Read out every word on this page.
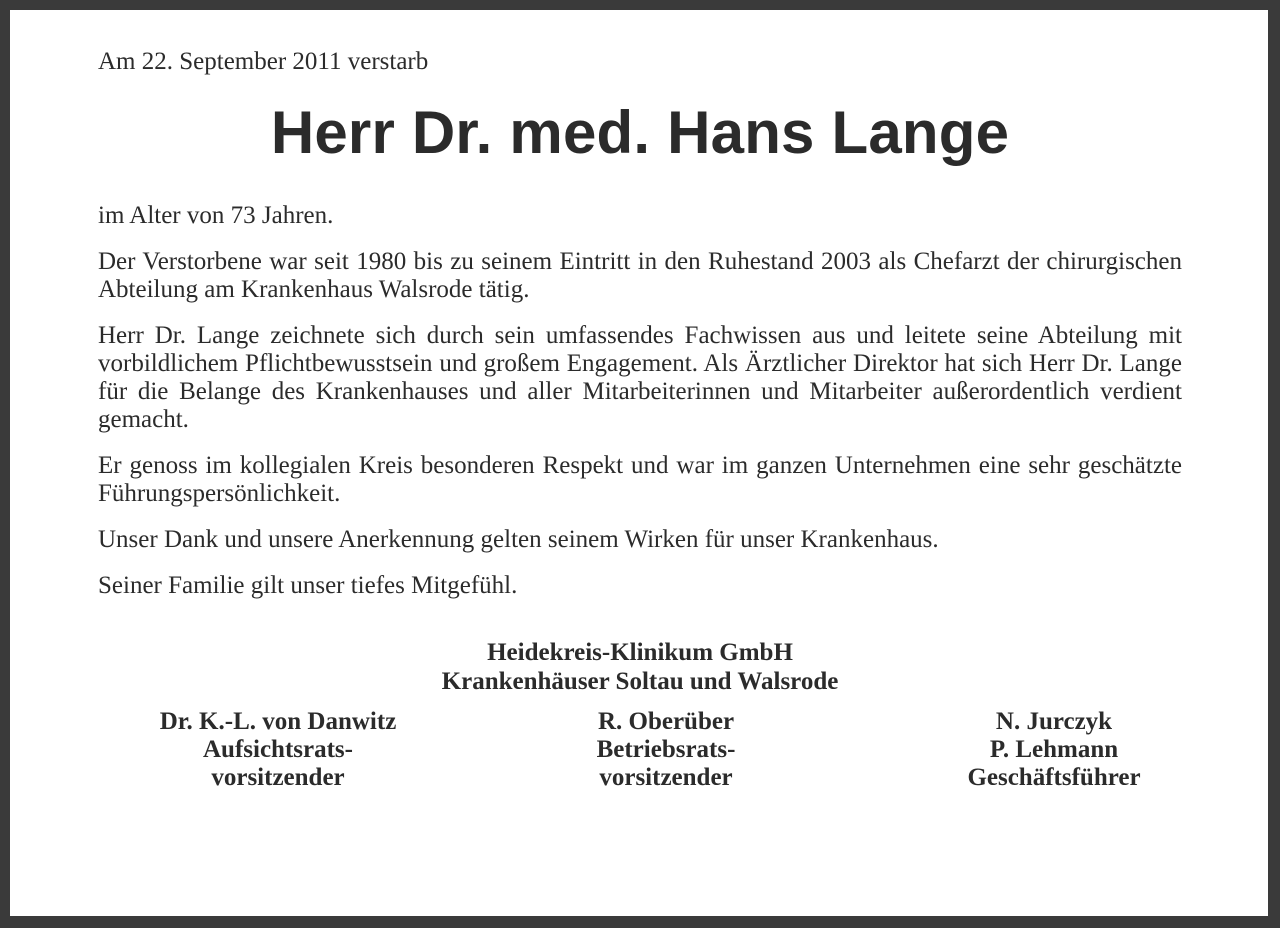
Am 22. September 2011 verstarb

Herr Dr. med. Hans Lange

im Alter von 73 Jahren.

Der Verstorbene war seit 1980 bis zu seinem Eintritt in den Ruhestand 2003 als Chefarzt der chirurgischen Abteilung am Krankenhaus Walsrode tätig.

Herr Dr. Lange zeichnete sich durch sein umfassendes Fachwissen aus und leitete seine Abteilung mit vorbildlichem Pflichtbewusstsein und großem Engagement. Als Ärztlicher Direktor hat sich Herr Dr. Lange für die Belange des Krankenhauses und aller Mitarbeiterinnen und Mitarbeiter außerordentlich verdient gemacht.

Er genoss im kollegialen Kreis besonderen Respekt und war im ganzen Unternehmen eine sehr geschätzte Führungspersönlichkeit.

Unser Dank und unsere Anerkennung gelten seinem Wirken für unser Krankenhaus.

Seiner Familie gilt unser tiefes Mitgefühl.

Heidekreis-Klinikum GmbH
Krankenhäuser Soltau und Walsrode
Dr. K.-L. von Danwitz
Aufsichtsrats-
vorsitzender
R. Oberüber
Betriebsrats-
vorsitzender
N. Jurczyk
P. Lehmann
Geschäftsführer
